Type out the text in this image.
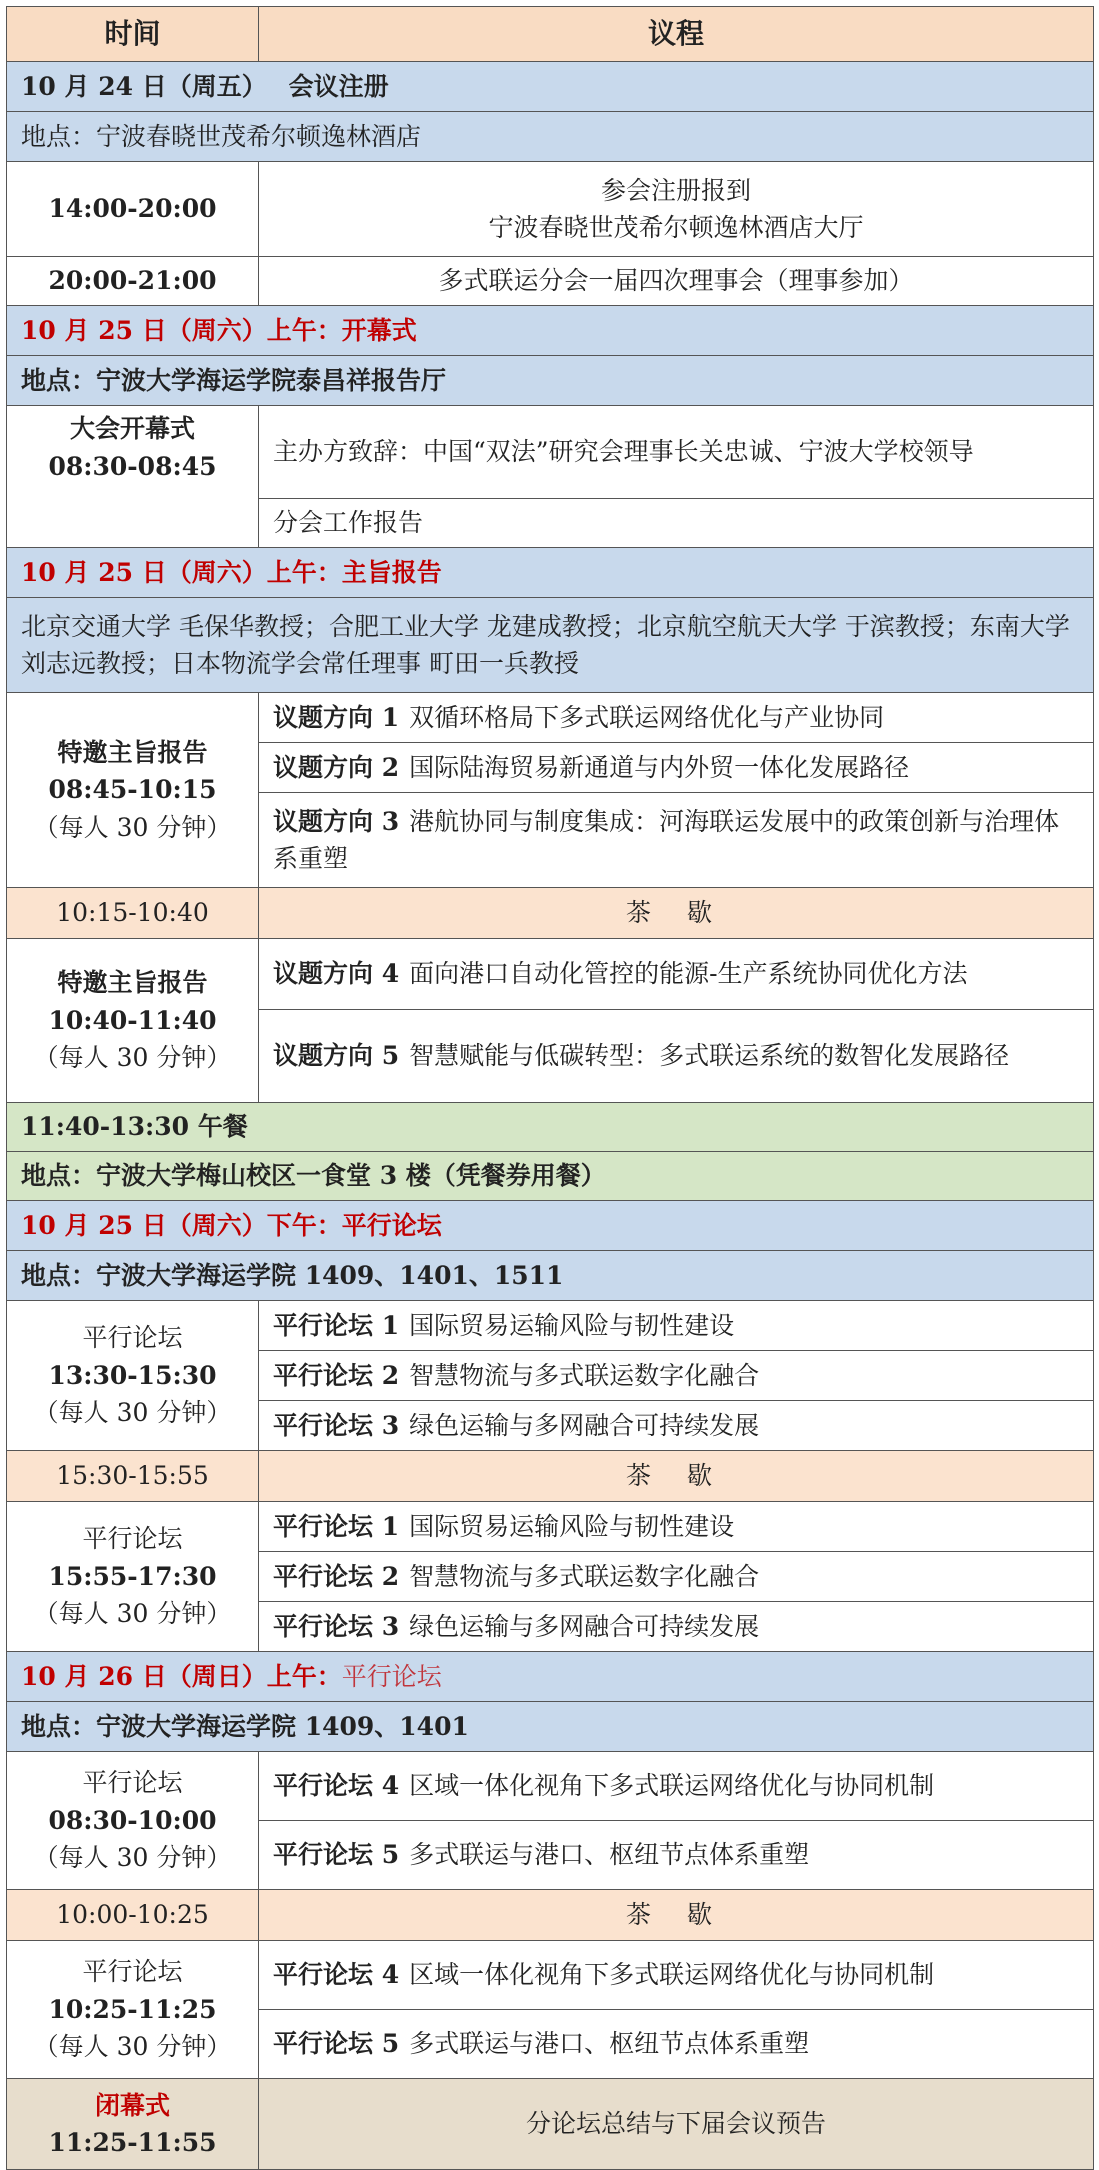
时间	议程
10 月 24 日（周五） 会议注册	
地点：宁波春晓世茂希尔顿逸林酒店	
14:00-20:00	参会注册报到
宁波春晓世茂希尔顿逸林酒店大厅

20:00-21:00	多式联运分会一届四次理事会（理事参加）
10 月 25 日（周六）上午：开幕式	
地点：宁波大学海运学院泰昌祥报告厅	

大会开幕式
08:30-08:45	主办方致辞：中国“双法”研究会理事长关忠诚、宁波大学校领导
	分会工作报告
10 月 25 日（周六）上午：主旨报告	
北京交通大学 毛保华教授；合肥工业大学 龙建成教授；北京航空航天大学 于滨教授；东南大学 刘志远教授；日本物流学会常任理事 町田一兵教授	

特邀主旨报告
08:45-10:15
（每人 30 分钟）	议题方向 1 双循环格局下多式联运网络优化与产业协同
	议题方向 2 国际陆海贸易新通道与内外贸一体化发展路径
	议题方向 3 港航协同与制度集成：河海联运发展中的政策创新与治理体系重塑
10:15-10:40	茶 歇

特邀主旨报告
10:40-11:40
（每人 30 分钟）	议题方向 4 面向港口自动化管控的能源-生产系统协同优化方法
	议题方向 5 智慧赋能与低碳转型：多式联运系统的数智化发展路径
11:40-13:30 午餐	
地点：宁波大学梅山校区一食堂 3 楼（凭餐券用餐）	
10 月 25 日（周六）下午：平行论坛	
地点：宁波大学海运学院 1409、1401、1511	

平行论坛
13:30-15:30
（每人 30 分钟）	平行论坛 1 国际贸易运输风险与韧性建设
	平行论坛 2 智慧物流与多式联运数字化融合
	平行论坛 3 绿色运输与多网融合可持续发展
15:30-15:55	茶 歇

平行论坛
15:55-17:30
（每人 30 分钟）	平行论坛 1 国际贸易运输风险与韧性建设
	平行论坛 2 智慧物流与多式联运数字化融合
	平行论坛 3 绿色运输与多网融合可持续发展
10 月 26 日（周日）上午：平行论坛	
地点：宁波大学海运学院 1409、1401	

平行论坛
08:30-10:00
（每人 30 分钟）	平行论坛 4 区域一体化视角下多式联运网络优化与协同机制
	平行论坛 5 多式联运与港口、枢纽节点体系重塑
10:00-10:25	茶 歇

平行论坛
10:25-11:25
（每人 30 分钟）	平行论坛 4 区域一体化视角下多式联运网络优化与协同机制
	平行论坛 5 多式联运与港口、枢纽节点体系重塑

闭幕式
11:25-11:55	分论坛总结与下届会议预告
